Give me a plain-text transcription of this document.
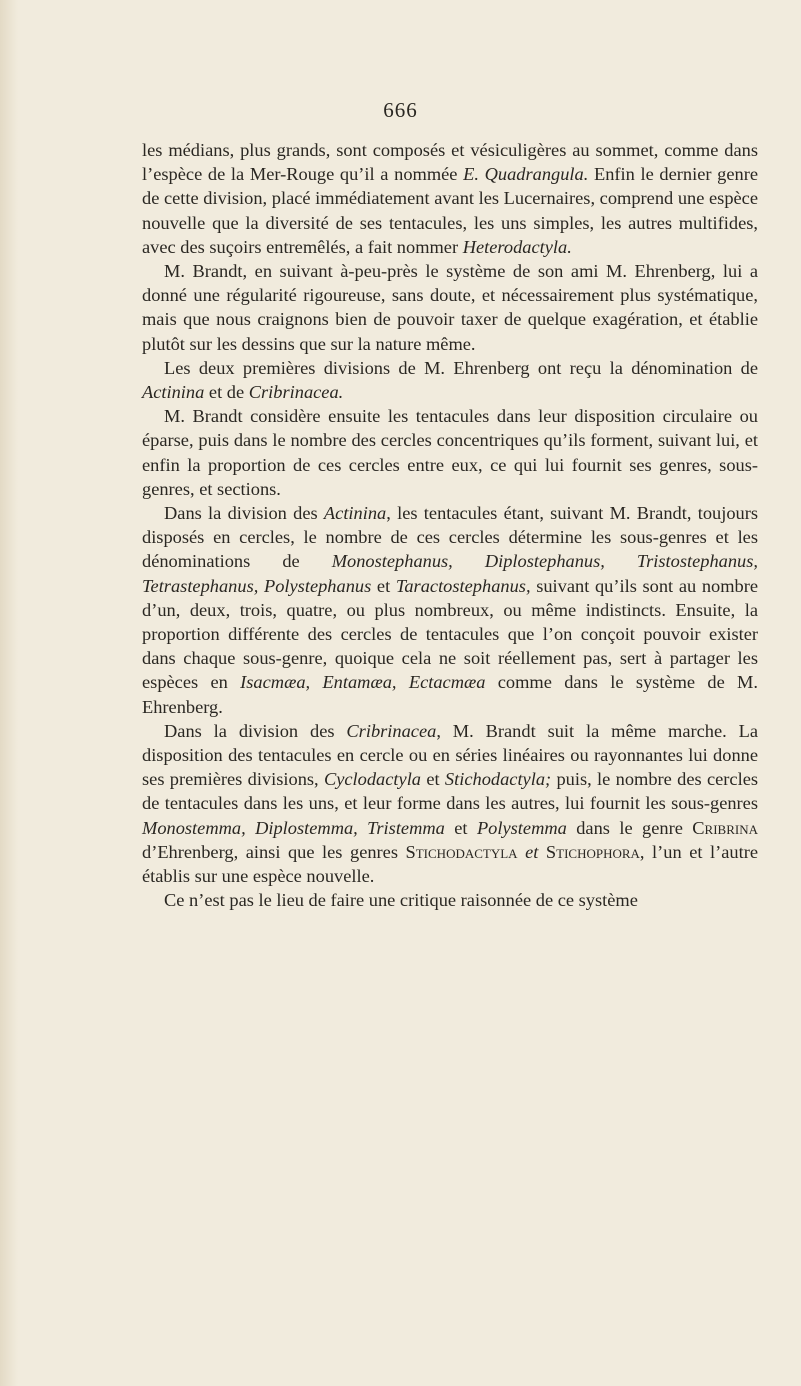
666

les médians, plus grands, sont composés et vésiculigères au sommet, comme dans l’espèce de la Mer-Rouge qu’il a nommée E. Quadrangula. Enfin le dernier genre de cette division, placé immédiatement avant les Lucernaires, comprend une espèce nouvelle que la diversité de ses tentacules, les uns simples, les autres multifides, avec des suçoirs entremêlés, a fait nommer Heterodactyla.

M. Brandt, en suivant à-peu-près le système de son ami M. Ehrenberg, lui a donné une régularité rigoureuse, sans doute, et nécessairement plus systématique, mais que nous craignons bien de pouvoir taxer de quelque exagération, et établie plutôt sur les dessins que sur la nature même.

Les deux premières divisions de M. Ehrenberg ont reçu la dénomination de Actinina et de Cribrinacea.

M. Brandt considère ensuite les tentacules dans leur disposition circulaire ou éparse, puis dans le nombre des cercles concentriques qu’ils forment, suivant lui, et enfin la proportion de ces cercles entre eux, ce qui lui fournit ses genres, sous-genres, et sections.

Dans la division des Actinina, les tentacules étant, suivant M. Brandt, toujours disposés en cercles, le nombre de ces cercles détermine les sous-genres et les dénominations de Monostephanus, Diplostephanus, Tristostephanus, Tetrastephanus, Polystephanus et Taractostephanus, suivant qu’ils sont au nombre d’un, deux, trois, quatre, ou plus nombreux, ou même indistincts. Ensuite, la proportion différente des cercles de tentacules que l’on conçoit pouvoir exister dans chaque sous-genre, quoique cela ne soit réellement pas, sert à partager les espèces en Isacmæa, Entamæa, Ectacmæa comme dans le système de M. Ehrenberg.

Dans la division des Cribrinacea, M. Brandt suit la même marche. La disposition des tentacules en cercle ou en séries linéaires ou rayonnantes lui donne ses premières divisions, Cyclodactyla et Stichodactyla; puis, le nombre des cercles de tentacules dans les uns, et leur forme dans les autres, lui fournit les sous-genres Monostemma, Diplostemma, Tristemma et Polystemma dans le genre Cribrina d’Ehrenberg, ainsi que les genres Stichodactyla et Stichophora, l’un et l’autre établis sur une espèce nouvelle.

Ce n’est pas le lieu de faire une critique raisonnée de ce système
